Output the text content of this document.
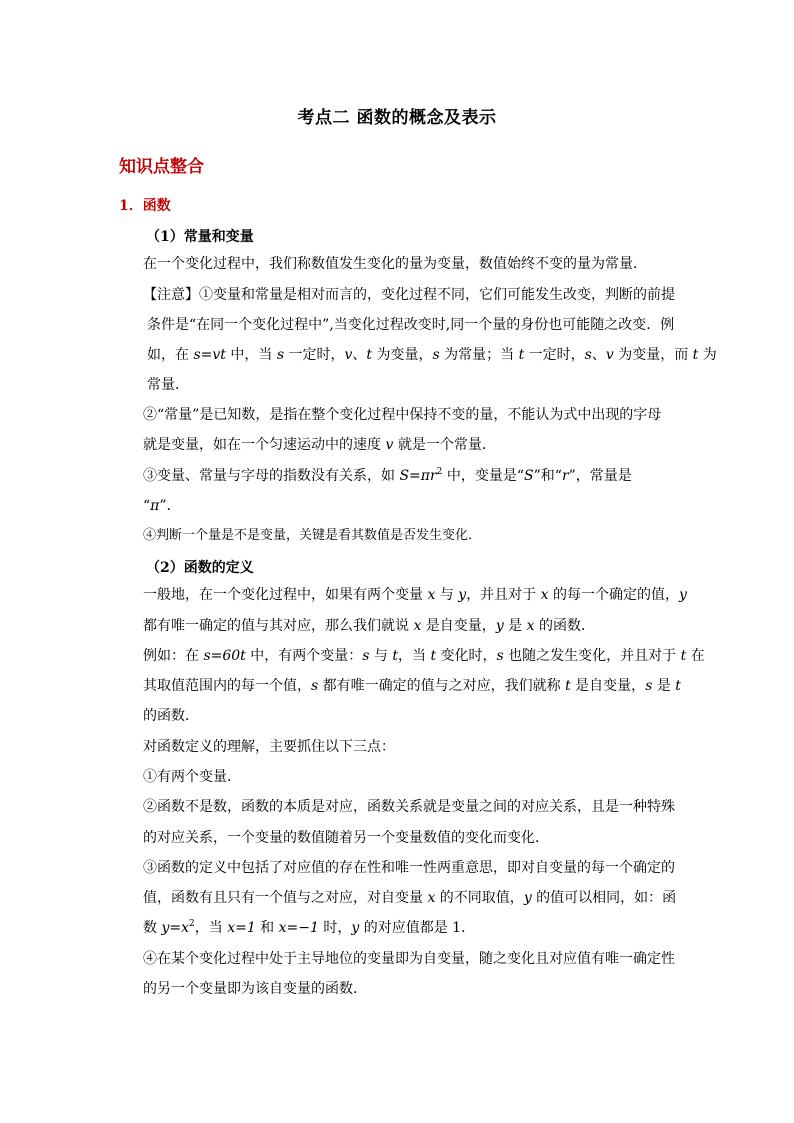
考点二 函数的概念及表示
知识点整合
1．函数
（1）常量和变量
在一个变化过程中，我们称数值发生变化的量为变量，数值始终不变的量为常量．
【注意】①变量和常量是相对而言的，变化过程不同，它们可能发生改变，判断的前提
条件是“在同一个变化过程中”,当变化过程改变时,同一个量的身份也可能随之改变．例
如，在 s=vt 中，当 s 一定时，v、t 为变量，s 为常量；当 t 一定时，s、v 为变量，而 t 为
常量．
②“常量”是已知数，是指在整个变化过程中保持不变的量，不能认为式中出现的字母
就是变量，如在一个匀速运动中的速度 v 就是一个常量．
③变量、常量与字母的指数没有关系，如 $S=\pi r^2$ 中，变量是“S”和“r”，常量是
“π”．
④判断一个量是不是变量，关键是看其数值是否发生变化．
（2）函数的定义
一般地，在一个变化过程中，如果有两个变量 x 与 y，并且对于 x 的每一个确定的值，y
都有唯一确定的值与其对应，那么我们就说 x 是自变量，y 是 x 的函数．
例如：在 s=60t 中，有两个变量：s 与 t，当 t 变化时，s 也随之发生变化，并且对于 t 在
其取值范围内的每一个值，s 都有唯一确定的值与之对应，我们就称 t 是自变量，s 是 t
的函数．
对函数定义的理解，主要抓住以下三点：
①有两个变量．
②函数不是数，函数的本质是对应，函数关系就是变量之间的对应关系，且是一种特殊
的对应关系，一个变量的数值随着另一个变量数值的变化而变化．
③函数的定义中包括了对应值的存在性和唯一性两重意思，即对自变量的每一个确定的
值，函数有且只有一个值与之对应，对自变量 x 的不同取值，y 的值可以相同，如：函
数 $y=x^2$，当 x=1 和 x=−1 时，y 的对应值都是 1．
④在某个变化过程中处于主导地位的变量即为自变量，随之变化且对应值有唯一确定性
的另一个变量即为该自变量的函数.
